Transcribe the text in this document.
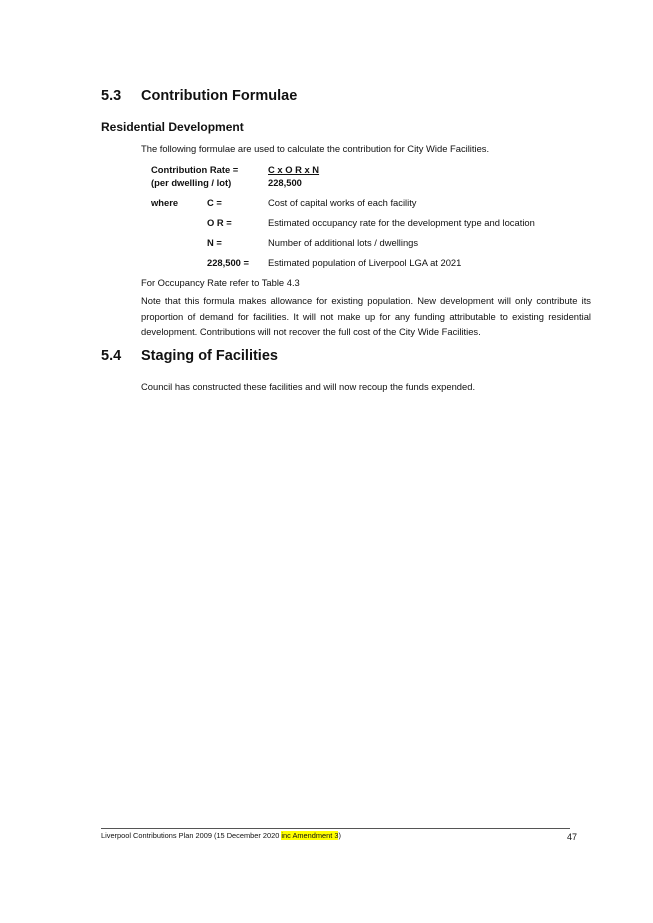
5.3 Contribution Formulae
Residential Development
The following formulae are used to calculate the contribution for City Wide Facilities.
Contribution Rate =
(per dwelling / lot)
C x O R x N
228,500
where	C =	Cost of capital works of each facility
O R =	Estimated occupancy rate for the development type and location
N =	Number of additional lots / dwellings
228,500 = Estimated population of Liverpool LGA at 2021
For Occupancy Rate refer to Table 4.3
Note that this formula makes allowance for existing population. New development will only contribute its proportion of demand for facilities. It will not make up for any funding attributable to existing residential development. Contributions will not recover the full cost of the City Wide Facilities.
5.4 Staging of Facilities
Council has constructed these facilities and will now recoup the funds expended.
Liverpool Contributions Plan 2009 (15 December 2020 inc Amendment 3)	47
